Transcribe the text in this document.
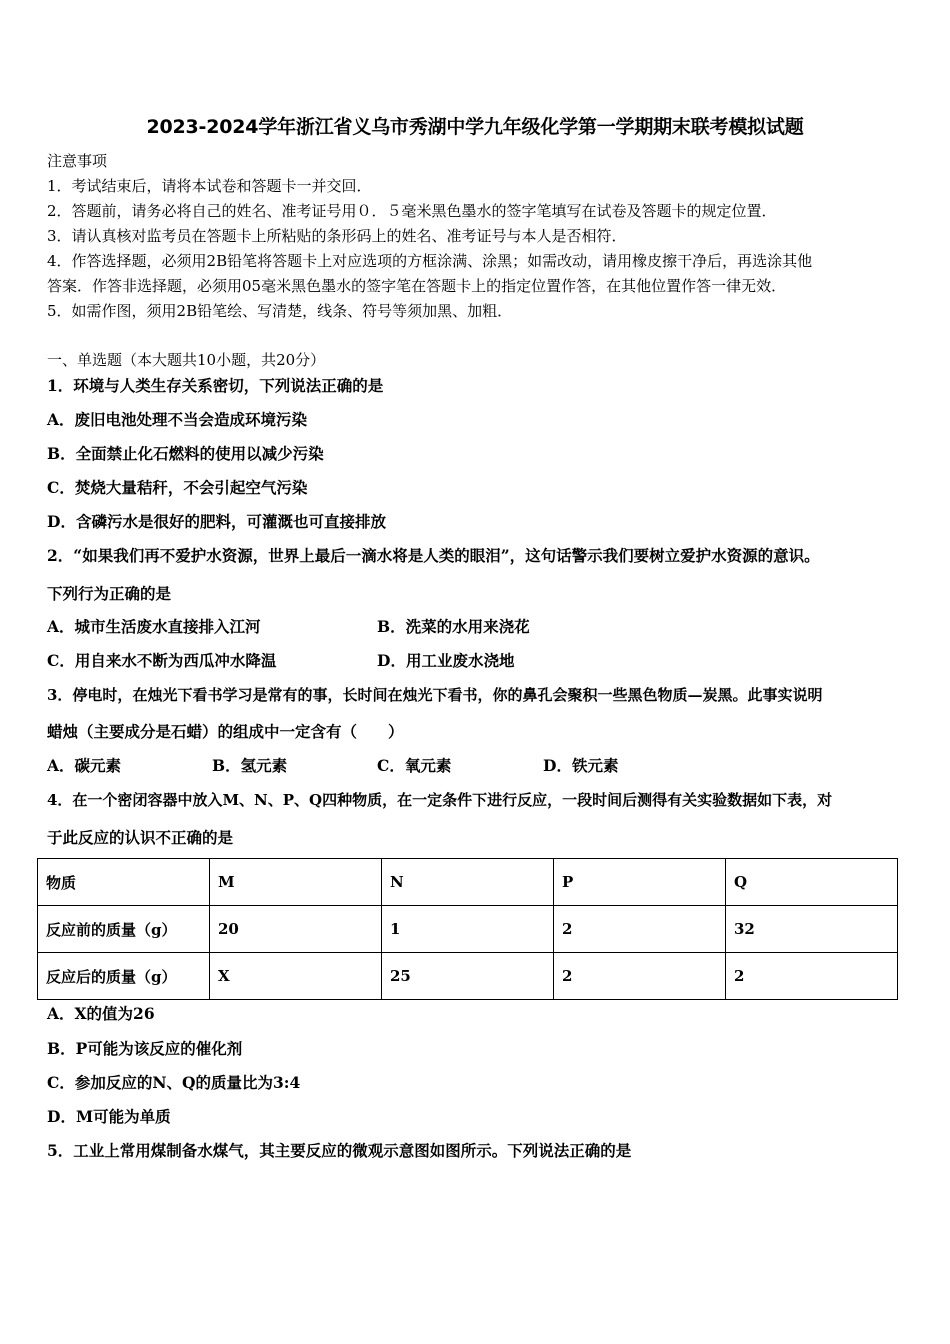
2023-2024学年浙江省义乌市秀湖中学九年级化学第一学期期末联考模拟试题
注意事项
1．考试结束后，请将本试卷和答题卡一并交回．
2．答题前，请务必将自己的姓名、准考证号用０．５毫米黑色墨水的签字笔填写在试卷及答题卡的规定位置．
3．请认真核对监考员在答题卡上所粘贴的条形码上的姓名、准考证号与本人是否相符．
4．作答选择题，必须用2B铅笔将答题卡上对应选项的方框涂满、涂黑；如需改动，请用橡皮擦干净后，再选涂其他
答案．作答非选择题，必须用05毫米黑色墨水的签字笔在答题卡上的指定位置作答，在其他位置作答一律无效．
5．如需作图，须用2B铅笔绘、写清楚，线条、符号等须加黑、加粗．
一、单选题（本大题共10小题，共20分）
1．环境与人类生存关系密切，下列说法正确的是
A．废旧电池处理不当会造成环境污染
B．全面禁止化石燃料的使用以减少污染
C．焚烧大量秸秆，不会引起空气污染
D．含磷污水是很好的肥料，可灌溉也可直接排放
2．“如果我们再不爱护水资源，世界上最后一滴水将是人类的眼泪”，这句话警示我们要树立爱护水资源的意识。
下列行为正确的是
A．城市生活废水直接排入江河	B．洗菜的水用来浇花
C．用自来水不断为西瓜冲水降温	D．用工业废水浇地
3．停电时，在烛光下看书学习是常有的事，长时间在烛光下看书，你的鼻孔会聚积一些黑色物质—炭黑。此事实说明
蜡烛（主要成分是石蜡）的组成中一定含有（　　）
A．碳元素	B．氢元素	C．氧元素	D．铁元素
4．在一个密闭容器中放入M、N、P、Q四种物质，在一定条件下进行反应，一段时间后测得有关实验数据如下表，对
于此反应的认识不正确的是
物质	M	N	P	Q
反应前的质量（g）	20	1	2	32
反应后的质量（g）	X	25	2	2
A．X的值为26
B．P可能为该反应的催化剂
C．参加反应的N、Q的质量比为3:4
D．M可能为单质
5．工业上常用煤制备水煤气，其主要反应的微观示意图如图所示。下列说法正确的是
